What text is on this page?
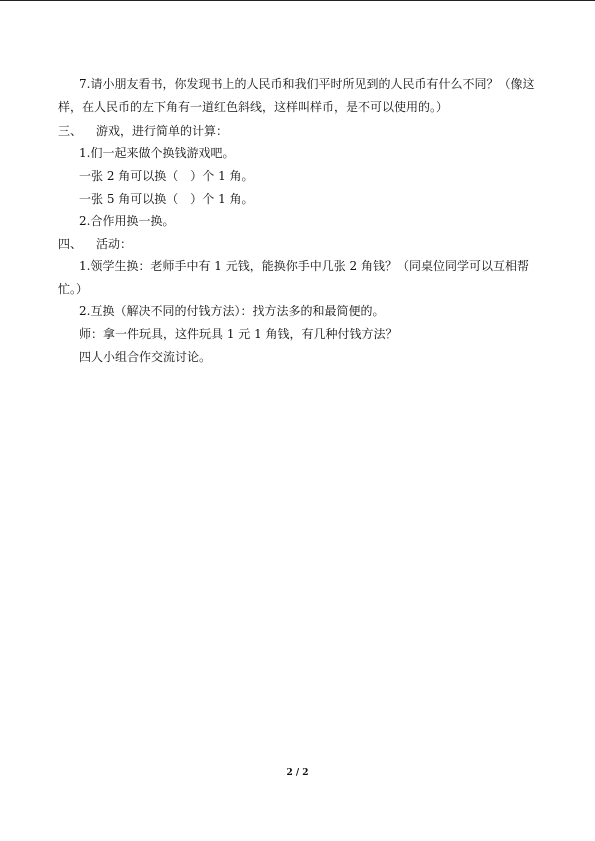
7.请小朋友看书，你发现书上的人民币和我们平时所见到的人民币有什么不同？（像这
样，在人民币的左下角有一道红色斜线，这样叫样币，是不可以使用的。）
三、 游戏，进行简单的计算：
1.们一起来做个换钱游戏吧。
一张 2 角可以换（　）个 1 角。
一张 5 角可以换（　）个 1 角。
2.合作用换一换。
四、 活动：
1.领学生换：老师手中有 1 元钱，能换你手中几张 2 角钱？（同桌位同学可以互相帮
忙。）
2.互换（解决不同的付钱方法）：找方法多的和最简便的。
师：拿一件玩具，这件玩具 1 元 1 角钱，有几种付钱方法？
四人小组合作交流讨论。
2 / 2
